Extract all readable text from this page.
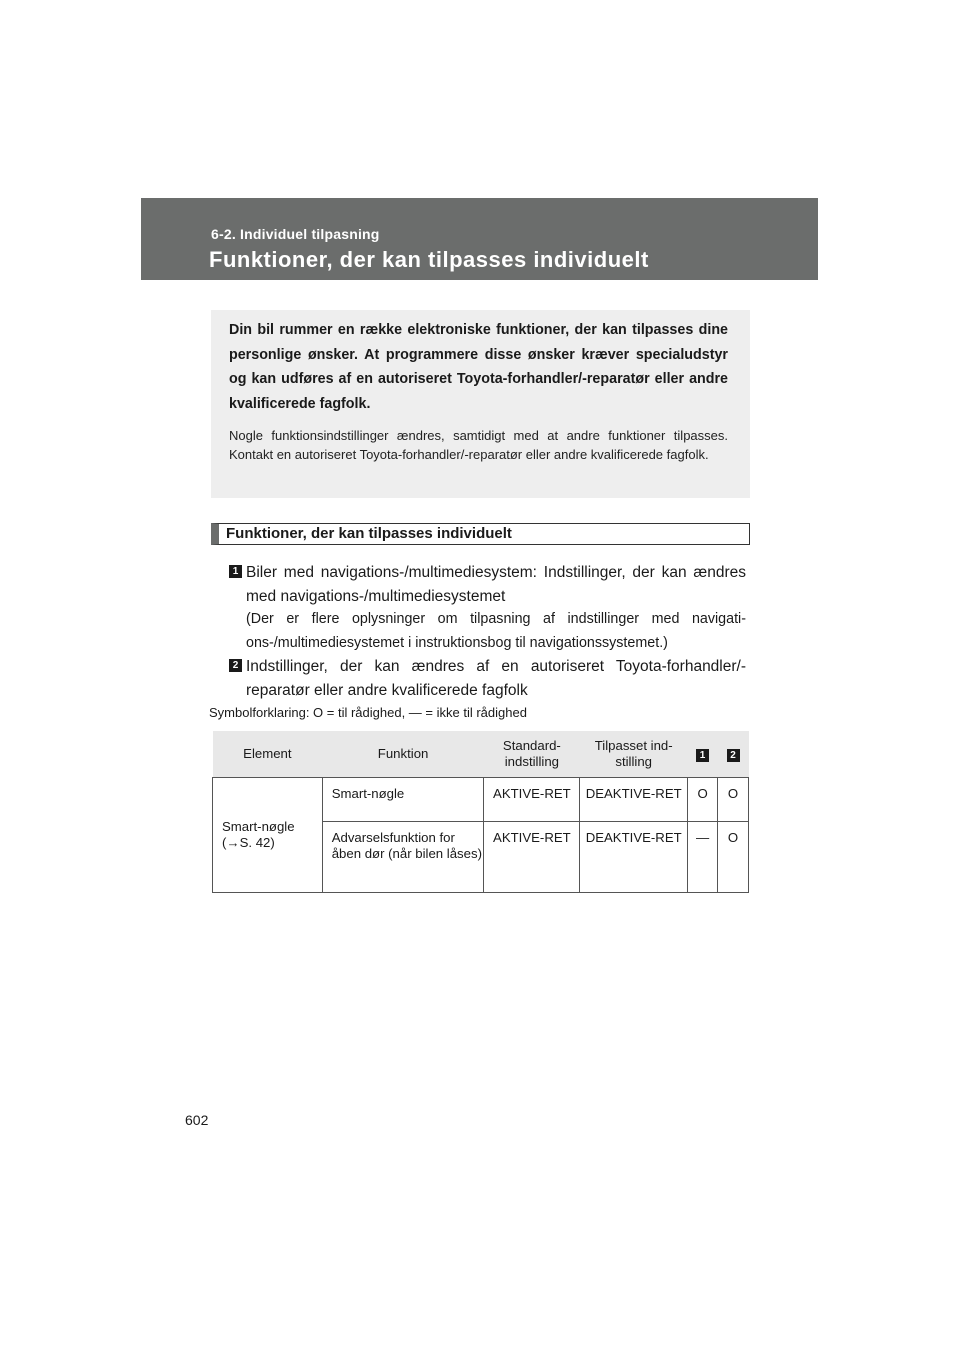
6-2. Individuel tilpasning
Funktioner, der kan tilpasses individuelt

Din bil rummer en række elektroniske funktioner, der kan tilpasses dine personlige ønsker. At programmere disse ønsker kræver specialudstyr og kan udføres af en autoriseret Toyota-forhandler/-reparatør eller andre kvalificerede fagfolk.

Nogle funktionsindstillinger ændres, samtidigt med at andre funktioner tilpasses. Kontakt en autoriseret Toyota-forhandler/-reparatør eller andre kvalificerede fagfolk.

Funktioner, der kan tilpasses individuelt
1 Biler med navigations-/multimediesystem: Indstillinger, der kan ændres med navigations-/multimediesystemet
(Der er flere oplysninger om tilpasning af indstillinger med navigations-/multimediesystemet i instruktionsbog til navigationssystemet.)
2 Indstillinger, der kan ændres af en autoriseret Toyota-forhandler/-reparatør eller andre kvalificerede fagfolk
Symbolforklaring: O = til rådighed, — = ikke til rådighed
Element	Funktion	Standard-indstilling	Tilpasset ind-stilling	1	2
Smart-nøgle (→S. 42)	Smart-nøgle	AKTIVE-RET	DEAKTIVE-RET	O	O
	Advarselsfunktion for åben dør (når bilen låses)	AKTIVE-RET	DEAKTIVE-RET	—	O
602
